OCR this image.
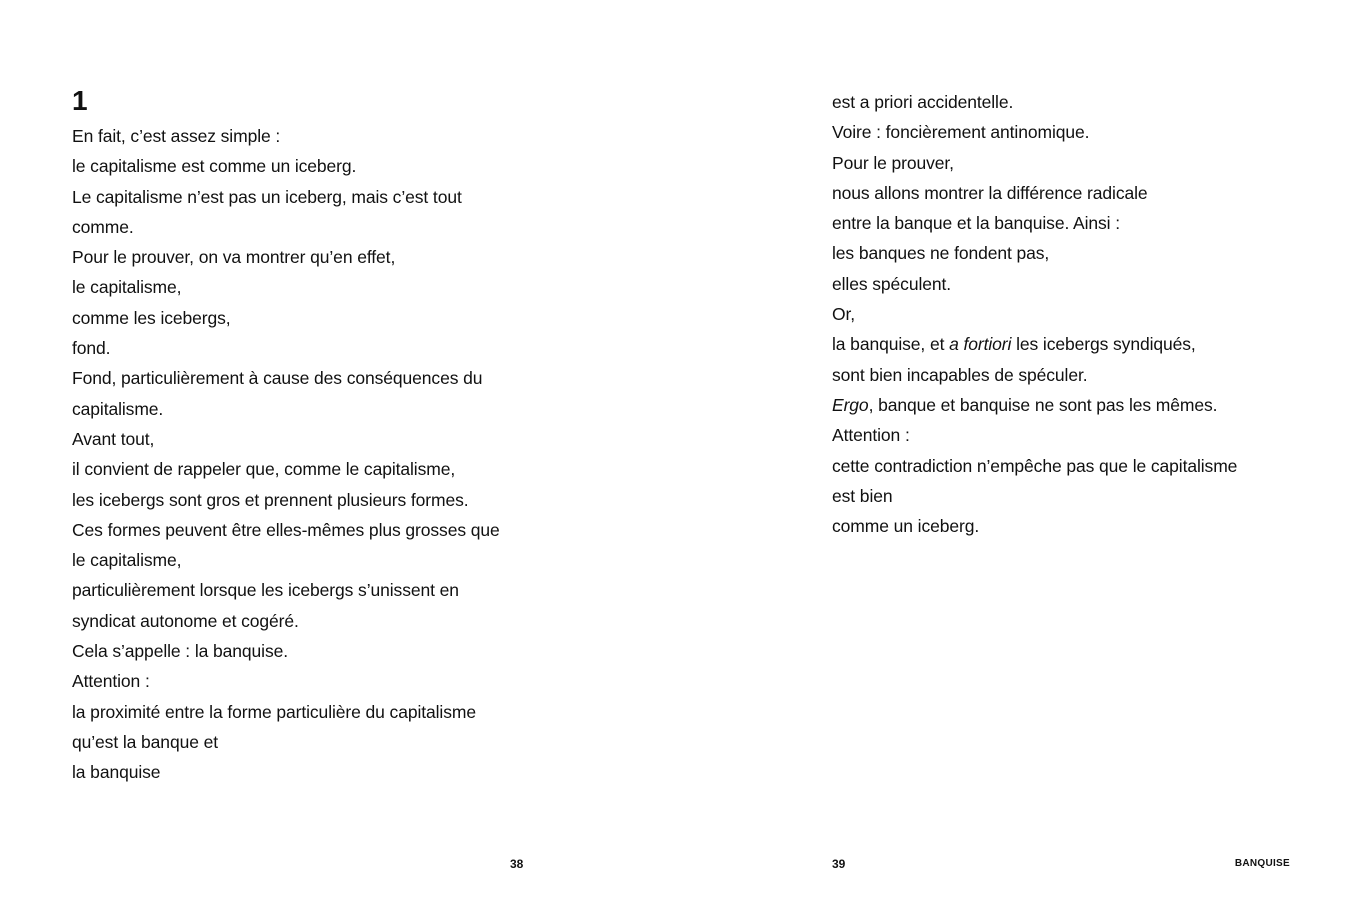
1
En fait, c’est assez simple :
le capitalisme est comme un iceberg.
Le capitalisme n’est pas un iceberg, mais c’est tout
comme.
Pour le prouver, on va montrer qu’en effet,
le capitalisme,
comme les icebergs,
fond.
Fond, particulièrement à cause des conséquences du
capitalisme.
Avant tout,
il convient de rappeler que, comme le capitalisme,
les icebergs sont gros et prennent plusieurs formes.
Ces formes peuvent être elles-mêmes plus grosses que
le capitalisme,
particulièrement lorsque les icebergs s’unissent en
syndicat autonome et cogéré.
Cela s’appelle : la banquise.
Attention :
la proximité entre la forme particulière du capitalisme
qu’est la banque et
la banquise
38
est a priori accidentelle.
Voire : foncièrement antinomique.
Pour le prouver,
nous allons montrer la différence radicale
entre la banque et la banquise. Ainsi :
les banques ne fondent pas,
elles spéculent.
Or,
la banquise, et a fortiori les icebergs syndiqués,
sont bien incapables de spéculer.
Ergo, banque et banquise ne sont pas les mêmes.
Attention :
cette contradiction n’empêche pas que le capitalisme
est bien
comme un iceberg.
39	BANQUISE
